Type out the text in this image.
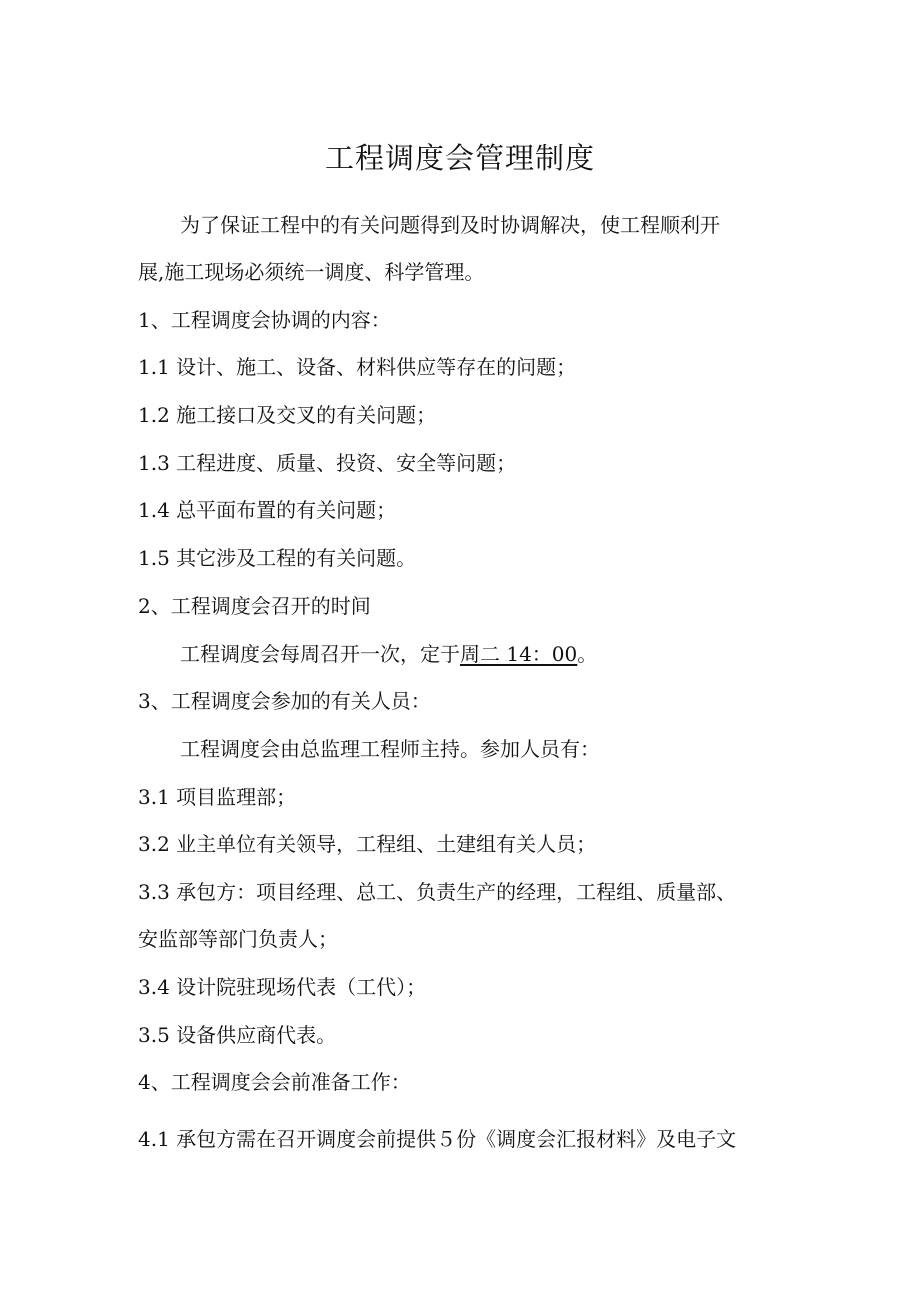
工程调度会管理制度
为了保证工程中的有关问题得到及时协调解决，使工程顺利开
展,施工现场必须统一调度、科学管理。
1、工程调度会协调的内容：
1.1 设计、施工、设备、材料供应等存在的问题；
1.2 施工接口及交叉的有关问题；
1.3 工程进度、质量、投资、安全等问题；
1.4 总平面布置的有关问题；
1.5 其它涉及工程的有关问题。
2、工程调度会召开的时间
工程调度会每周召开一次，定于周二 14：00。
3、工程调度会参加的有关人员：
工程调度会由总监理工程师主持。参加人员有：
3.1 项目监理部；
3.2 业主单位有关领导，工程组、土建组有关人员；
3.3 承包方：项目经理、总工、负责生产的经理，工程组、质量部、
安监部等部门负责人；
3.4 设计院驻现场代表（工代）；
3.5 设备供应商代表。
4、工程调度会会前准备工作：
4.1 承包方需在召开调度会前提供５份《调度会汇报材料》及电子文
